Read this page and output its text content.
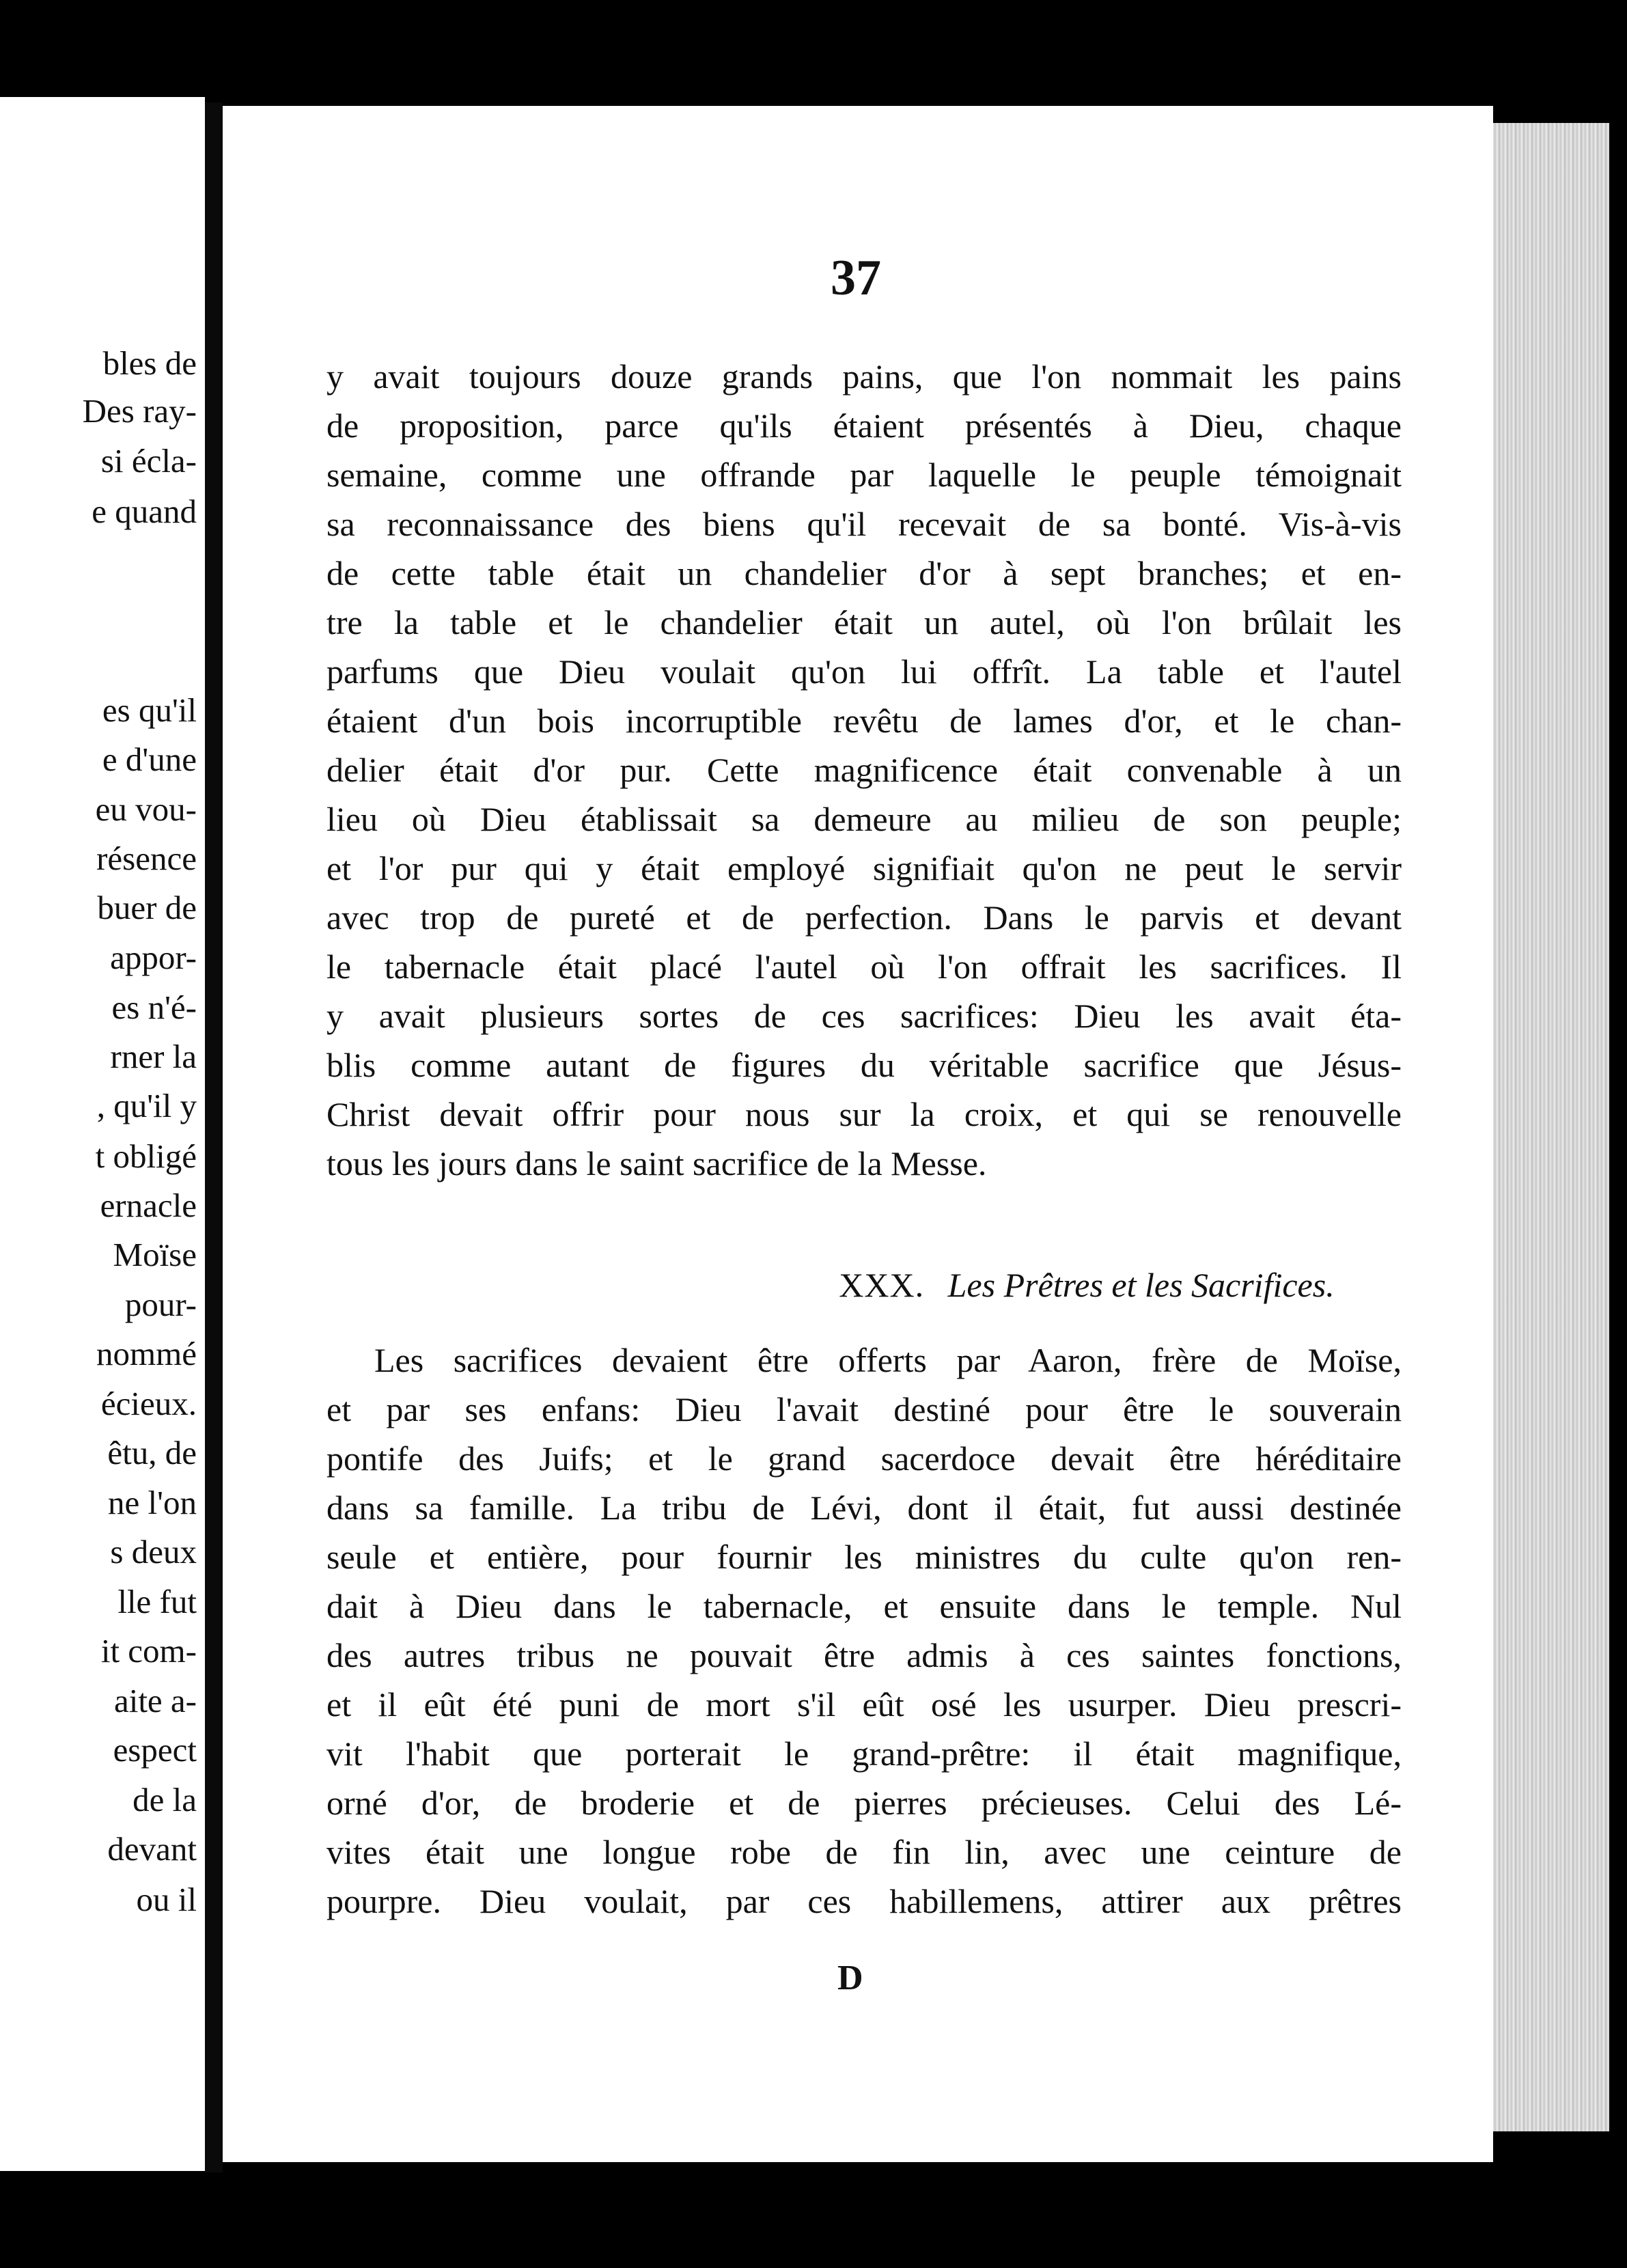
bles de
Des ray-
si écla-
e quand
es qu'il
e d'une
eu vou-
résence
buer de
appor-
es n'é-
rner la
, qu'il y
t obligé
ernacle
Moïse
pour-
nommé
écieux.
êtu, de
ne l'on
s deux
lle fut
it com-
aite a-
espect
de la
devant
ou il
37
y avait toujours douze grands pains, que l'on nommait les pains
de proposition, parce qu'ils étaient présentés à Dieu, chaque
semaine, comme une offrande par laquelle le peuple témoignait
sa reconnaissance des biens qu'il recevait de sa bonté. Vis-à-vis
de cette table était un chandelier d'or à sept branches; et en-
tre la table et le chandelier était un autel, où l'on brûlait les
parfums que Dieu voulait qu'on lui offrît. La table et l'autel
étaient d'un bois incorruptible revêtu de lames d'or, et le chan-
delier était d'or pur. Cette magnificence était convenable à un
lieu où Dieu établissait sa demeure au milieu de son peuple;
et l'or pur qui y était employé signifiait qu'on ne peut le servir
avec trop de pureté et de perfection. Dans le parvis et devant
le tabernacle était placé l'autel où l'on offrait les sacrifices. Il
y avait plusieurs sortes de ces sacrifices: Dieu les avait éta-
blis comme autant de figures du véritable sacrifice que Jésus-
Christ devait offrir pour nous sur la croix, et qui se renouvelle
tous les jours dans le saint sacrifice de la Messe.
XXX. Les Prêtres et les Sacrifices.
Les sacrifices devaient être offerts par Aaron, frère de Moïse,
et par ses enfans: Dieu l'avait destiné pour être le souverain
pontife des Juifs; et le grand sacerdoce devait être héréditaire
dans sa famille. La tribu de Lévi, dont il était, fut aussi destinée
seule et entière, pour fournir les ministres du culte qu'on ren-
dait à Dieu dans le tabernacle, et ensuite dans le temple. Nul
des autres tribus ne pouvait être admis à ces saintes fonctions,
et il eût été puni de mort s'il eût osé les usurper. Dieu prescri-
vit l'habit que porterait le grand-prêtre: il était magnifique,
orné d'or, de broderie et de pierres précieuses. Celui des Lé-
vites était une longue robe de fin lin, avec une ceinture de
pourpre. Dieu voulait, par ces habillemens, attirer aux prêtres
D
